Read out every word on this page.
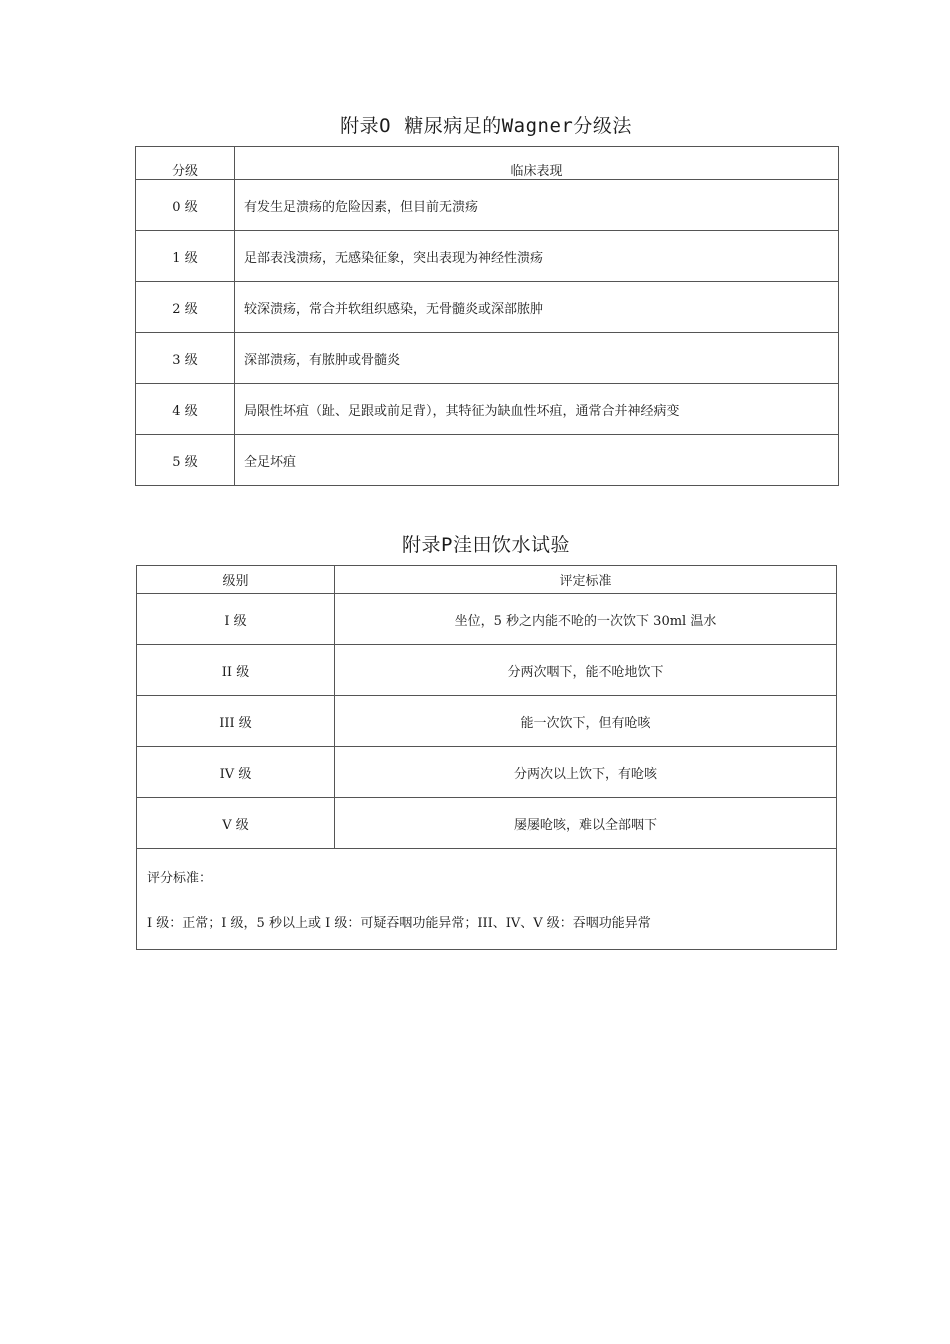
附录O 糖尿病足的Wagner分级法
分级	临床表现
0 级	有发生足溃疡的危险因素，但目前无溃疡
1 级	足部表浅溃疡，无感染征象，突出表现为神经性溃疡
2 级	较深溃疡，常合并软组织感染，无骨髓炎或深部脓肿
3 级	深部溃疡，有脓肿或骨髓炎
4 级	局限性坏疽（趾、足跟或前足背），其特征为缺血性坏疽，通常合并神经病变
5 级	全足坏疽
附录P洼田饮水试验
级别	评定标准
I 级	坐位，5 秒之内能不呛的一次饮下 30ml 温水
II 级	分两次咽下，能不呛地饮下
III 级	能一次饮下，但有呛咳
IV 级	分两次以上饮下，有呛咳
V 级	屡屡呛咳，难以全部咽下

评分标准：
I 级：正常；I 级，5 秒以上或 I 级：可疑吞咽功能异常；III、IV、V 级：吞咽功能异常	
